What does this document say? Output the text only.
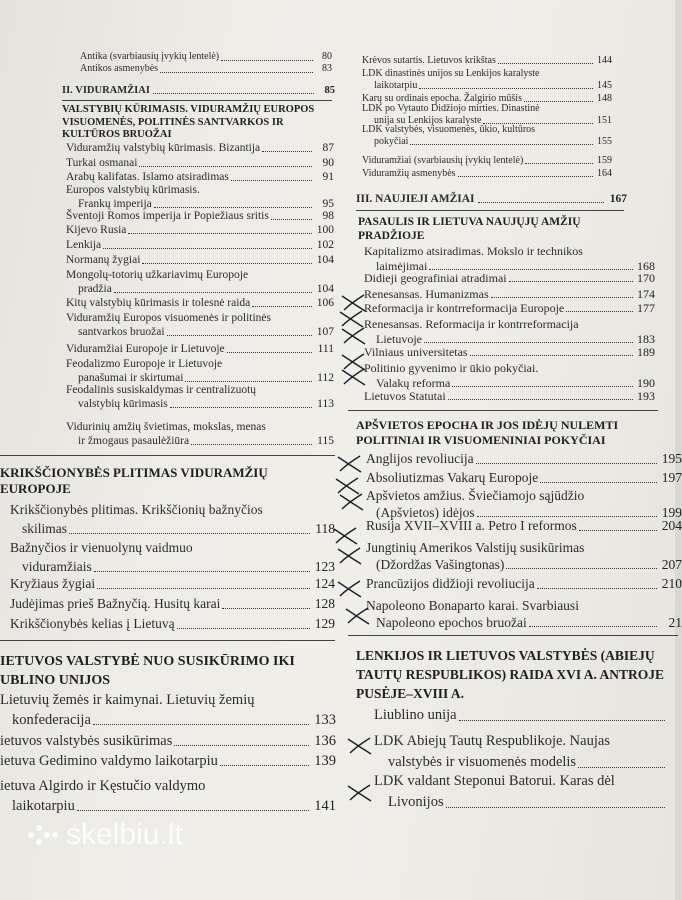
Antika (svarbiausių įvykių lentelė)	80
Antikos asmenybės	83
II. VIDURAMŽIAI	85
VALSTYBIŲ KŪRIMASIS. VIDURAMŽIŲ EUROPOS
VISUOMENĖS, POLITINĖS SANTVARKOS IR
KULTŪROS BRUOŽAI
Viduramžių valstybių kūrimasis. Bizantija	87
Turkai osmanai	90
Arabų kalifatas. Islamo atsiradimas	91
Europos valstybių kūrimasis.
Frankų imperija	95
Šventoji Romos imperija ir Popiežiaus sritis	98
Kijevo Rusia	100
Lenkija	102
Normanų žygiai	104
Mongolų-totorių užkariavimų Europoje
pradžia	104
Kitų valstybių kūrimasis ir tolesnė raida	106
Viduramžių Europos visuomenės ir politinės
santvarkos bruožai	107
Viduramžiai Europoje ir Lietuvoje	111
Feodalizmo Europoje ir Lietuvoje
panašumai ir skirtumai	112
Feodalinis susiskaldymas ir centralizuotų
valstybių kūrimasis	113
Vidurinių amžių švietimas, mokslas, menas
ir žmogaus pasaulėžiūra	115
KRIKŠČIONYBĖS PLITIMAS VIDURAMŽIŲ
EUROPOJE
Krikščionybės plitimas. Krikščionių bažnyčios
skilimas	118
Bažnyčios ir vienuolynų vaidmuo
viduramžiais	123
Kryžiaus žygiai	124
Judėjimas prieš Bažnyčią. Husitų karai	128
Krikščionybės kelias į Lietuvą	129
IETUVOS VALSTYBĖ NUO SUSIKŪRIMO IKI
UBLINO UNIJOS
Lietuvių žemės ir kaimynai. Lietuvių žemių
konfederacija	133
ietuvos valstybės susikūrimas	136
ietuva Gedimino valdymo laikotarpiu	139
ietuva Algirdo ir Kęstučio valdymo
laikotarpiu	141
Krėvos sutartis. Lietuvos krikštas	144
LDK dinastinės unijos su Lenkijos karalyste
laikotarpiu	145
Karų su ordinais epocha. Žalgirio mūšis	148
LDK po Vytauto Didžiojo mirties. Dinastinė
unija su Lenkijos karalyste	151
LDK valstybės, visuomenės, ūkio, kultūros
pokyčiai	155
Viduramžiai (svarbiausių įvykių lentelė)	159
Viduramžių asmenybės	164
III. NAUJIEJI AMŽIAI	167
PASAULIS IR LIETUVA NAUJŲJŲ AMŽIŲ
PRADŽIOJE
Kapitalizmo atsiradimas. Mokslo ir technikos
laimėjimai	168
Didieji geografiniai atradimai	170
Renesansas. Humanizmas	174
Reformacija ir kontrreformacija Europoje	177
Renesansas. Reformacija ir kontrreformacija
Lietuvoje	183
Vilniaus universitetas	189
Politinio gyvenimo ir ūkio pokyčiai.
Valakų reforma	190
Lietuvos Statutai	193
APŠVIETOS EPOCHA IR JOS IDĖJŲ NULEMTI
POLITINIAI IR VISUOMENINIAI POKYČIAI
Anglijos revoliucija	195
Absoliutizmas Vakarų Europoje	197
Apšvietos amžius. Šviečiamojo sąjūdžio
(Apšvietos) idėjos	199
Rusija XVII–XVIII a. Petro I reformos	204
Jungtinių Amerikos Valstijų susikūrimas
(Džordžas Vašingtonas)	207
Prancūzijos didžioji revoliucija	210
Napoleono Bonaparto karai. Svarbiausi
Napoleono epochos bruožai	21
LENKIJOS IR LIETUVOS VALSTYBĖS (ABIEJŲ
TAUTŲ RESPUBLIKOS) RAIDA XVI A. ANTROJE
PUSĖJE–XVIII A.
Liublino unija
LDK Abiejų Tautų Respublikoje. Naujas
valstybės ir visuomenės modelis
LDK valdant Steponui Batorui. Karas dėl
Livonijos
skelbiu.lt
